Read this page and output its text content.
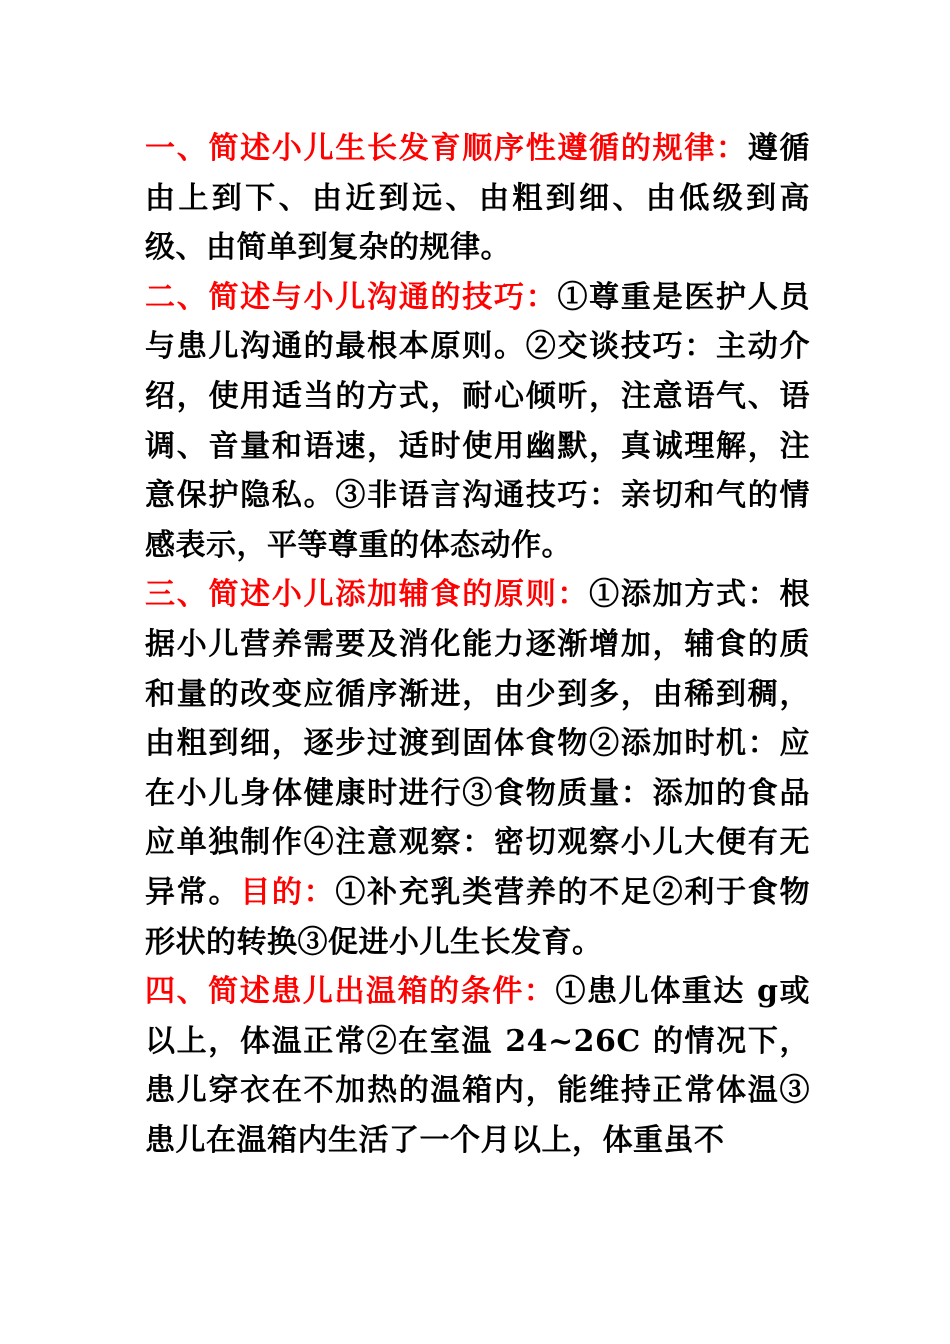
一、简述小儿生长发育顺序性遵循的规律：遵循由上到下、由近到远、由粗到细、由低级到高级、由简单到复杂的规律。

二、简述与小儿沟通的技巧：①尊重是医护人员与患儿沟通的最根本原则。②交谈技巧：主动介绍，使用适当的方式，耐心倾听，注意语气、语调、音量和语速，适时使用幽默，真诚理解，注意保护隐私。③非语言沟通技巧：亲切和气的情感表示，平等尊重的体态动作。

三、简述小儿添加辅食的原则：①添加方式：根据小儿营养需要及消化能力逐渐增加，辅食的质和量的改变应循序渐进，由少到多，由稀到稠，由粗到细，逐步过渡到固体食物②添加时机：应在小儿身体健康时进行③食物质量：添加的食品应单独制作④注意观察：密切观察小儿大便有无异常。目的：①补充乳类营养的不足②利于食物形状的转换③促进小儿生长发育。

四、简述患儿出温箱的条件：①患儿体重达 g或以上，体温正常②在室温 24~26C 的情况下，患儿穿衣在不加热的温箱内，能维持正常体温③患儿在温箱内生活了一个月以上，体重虽不
